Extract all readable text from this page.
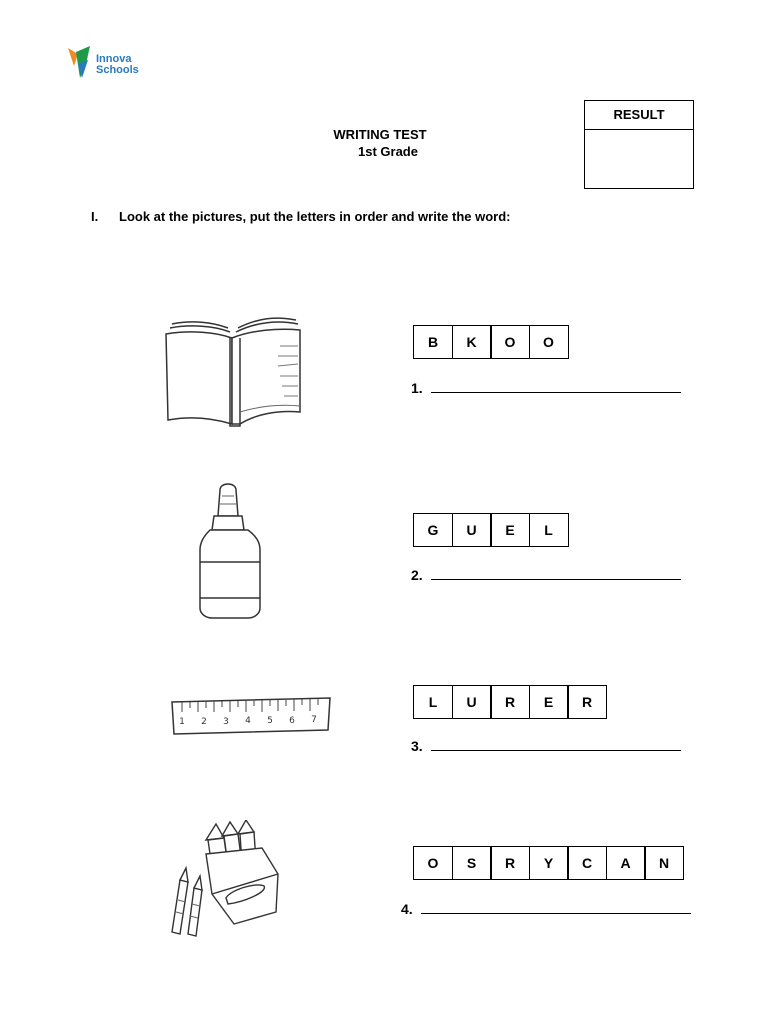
Innova
Schools
WRITING TEST
1st Grade
RESULT
I. Look at the pictures, put the letters in order and write the word:
B	K	O	O
1.
G	U	E	L
2.
1 2 3 4 5 6 7
L	U	R	E	R
3.
O	S	R	Y	C	A	N
4.
